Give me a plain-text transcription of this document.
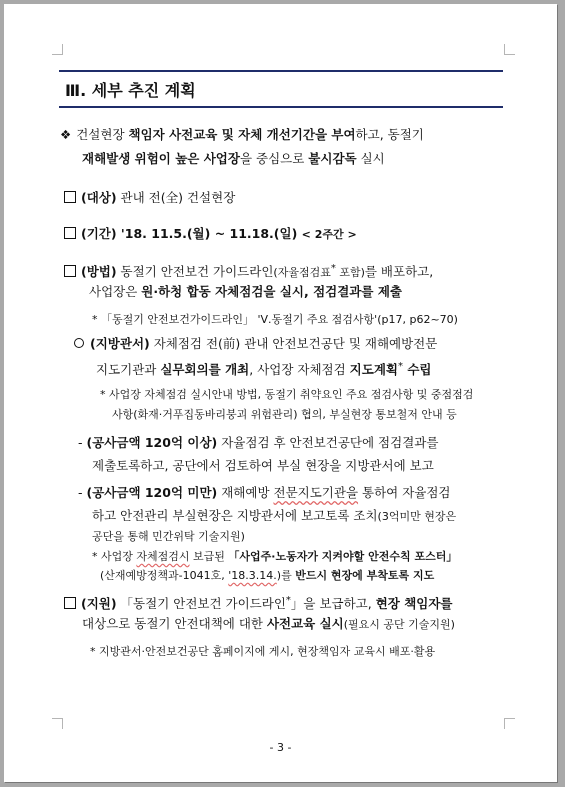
Ⅲ. 세부 추진 계획
❖ 건설현장 책임자 사전교육 및 자체 개선기간을 부여하고, 동절기
재해발생 위험이 높은 사업장을 중심으로 불시감독 실시
(대상) 관내 전(全) 건설현장
(기간) '18. 11.5.(월) ~ 11.18.(일) < 2주간 >
(방법) 동절기 안전보건 가이드라인(자율점검표* 포함)를 배포하고,
사업장은 원·하청 합동 자체점검을 실시, 점검결과를 제출
* 「동절기 안전보건가이드라인」 'Ⅴ.동절기 주요 점검사항'(p17, p62~70)
(지방관서) 자체점검 전(前) 관내 안전보건공단 및 재해예방전문
지도기관과 실무회의를 개최, 사업장 자체점검 지도계획* 수립
* 사업장 자체점검 실시안내 방법, 동절기 취약요인 주요 점검사항 및 중점점검
사항(화재·거푸집동바리붕괴 위험관리) 협의, 부실현장 통보철저 안내 등
- (공사금액 120억 이상) 자율점검 후 안전보건공단에 점검결과를
제출토록하고, 공단에서 검토하여 부실 현장을 지방관서에 보고
- (공사금액 120억 미만) 재해예방 전문지도기관을 통하여 자율점검
하고 안전관리 부실현장은 지방관서에 보고토록 조치(3억미만 현장은
공단을 통해 민간위탁 기술지원)
* 사업장 자체점검시 보급된 「사업주·노동자가 지켜야할 안전수칙 포스터」
(산재예방정책과-1041호, '18.3.14.)를 반드시 현장에 부착토록 지도
(지원) 「동절기 안전보건 가이드라인*」을 보급하고, 현장 책임자를
대상으로 동절기 안전대책에 대한 사전교육 실시(필요시 공단 기술지원)
* 지방관서·안전보건공단 홈페이지에 게시, 현장책임자 교육시 배포·활용
- 3 -
